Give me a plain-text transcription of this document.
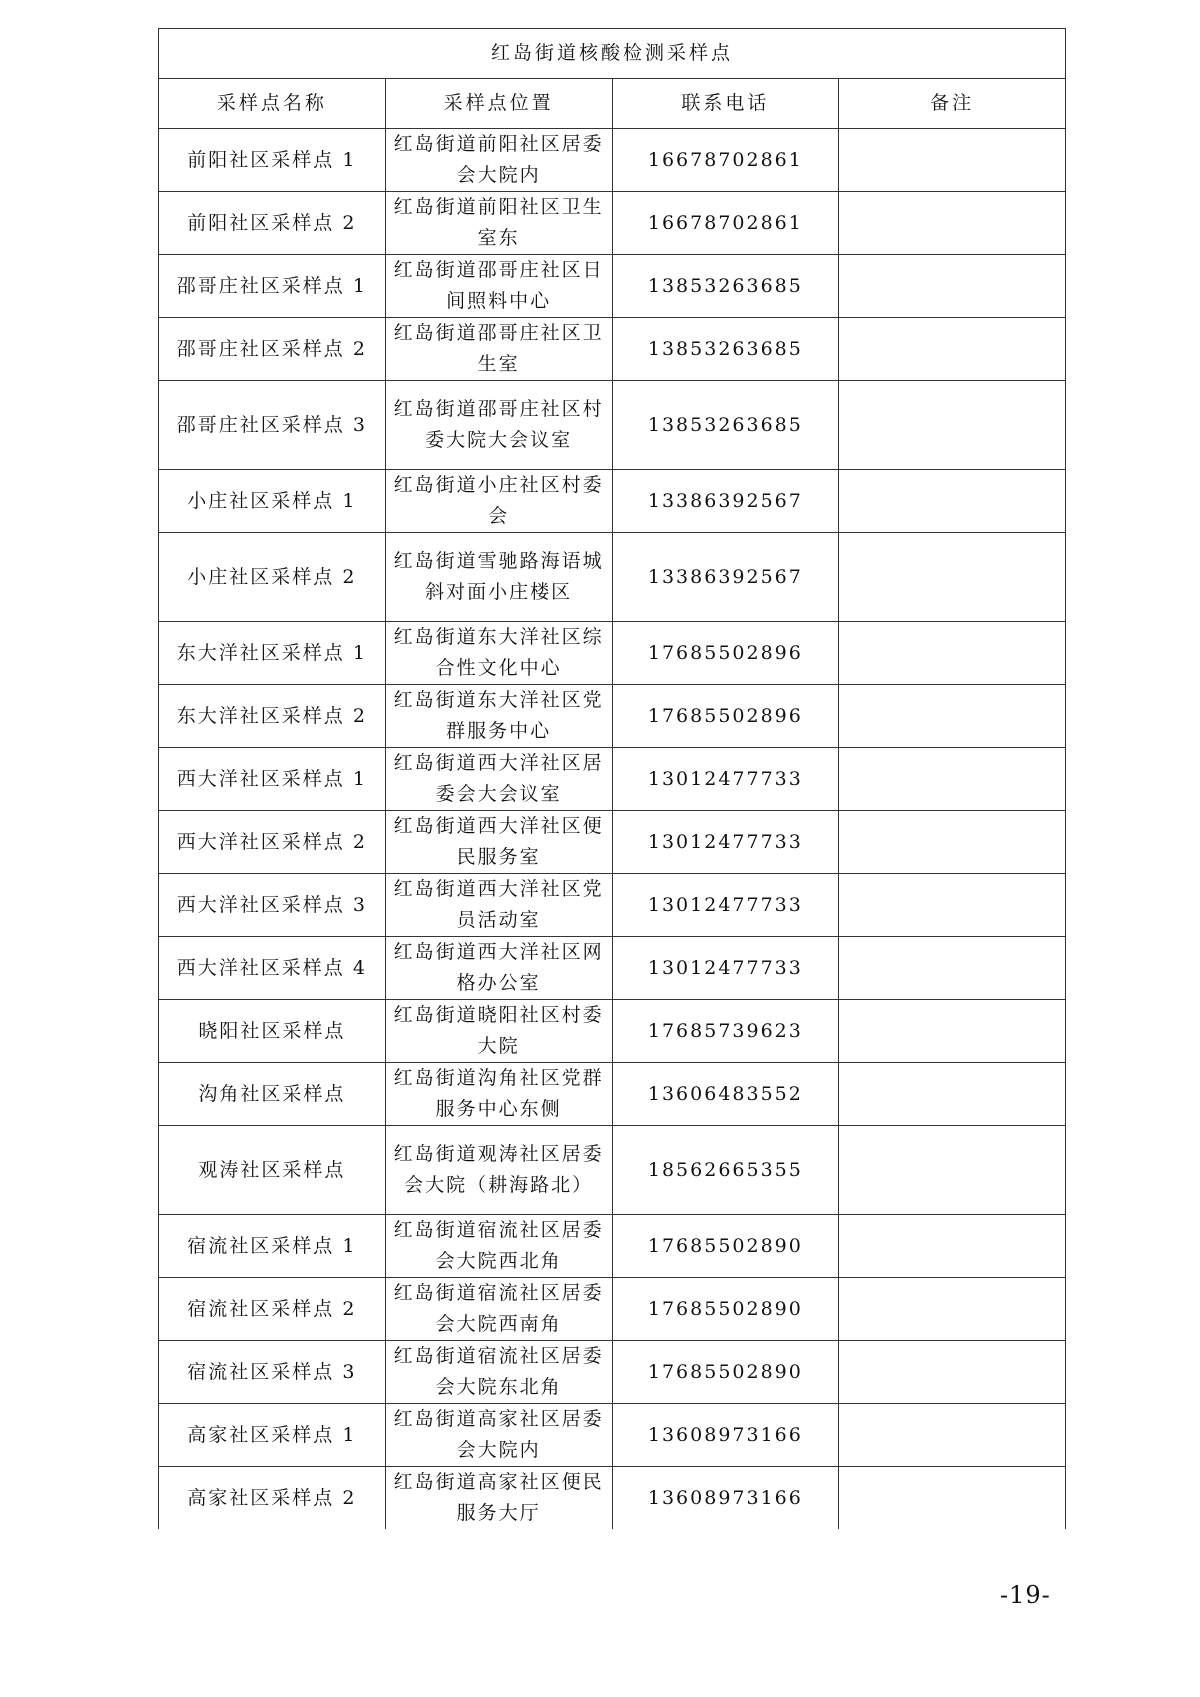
红岛街道核酸检测采样点			
采样点名称	采样点位置	联系电话	备注
前阳社区采样点 1	红岛街道前阳社区居委会大院内	16678702861	
前阳社区采样点 2	红岛街道前阳社区卫生室东	16678702861	
邵哥庄社区采样点 1	红岛街道邵哥庄社区日间照料中心	13853263685	
邵哥庄社区采样点 2	红岛街道邵哥庄社区卫生室	13853263685	
邵哥庄社区采样点 3	红岛街道邵哥庄社区村委大院大会议室	13853263685	
小庄社区采样点 1	红岛街道小庄社区村委会	13386392567	
小庄社区采样点 2	红岛街道雪驰路海语城斜对面小庄楼区	13386392567	
东大洋社区采样点 1	红岛街道东大洋社区综合性文化中心	17685502896	
东大洋社区采样点 2	红岛街道东大洋社区党群服务中心	17685502896	
西大洋社区采样点 1	红岛街道西大洋社区居委会大会议室	13012477733	
西大洋社区采样点 2	红岛街道西大洋社区便民服务室	13012477733	
西大洋社区采样点 3	红岛街道西大洋社区党员活动室	13012477733	
西大洋社区采样点 4	红岛街道西大洋社区网格办公室	13012477733	
晓阳社区采样点	红岛街道晓阳社区村委大院	17685739623	
沟角社区采样点	红岛街道沟角社区党群服务中心东侧	13606483552	
观涛社区采样点	红岛街道观涛社区居委会大院（耕海路北）	18562665355	
宿流社区采样点 1	红岛街道宿流社区居委会大院西北角	17685502890	
宿流社区采样点 2	红岛街道宿流社区居委会大院西南角	17685502890	
宿流社区采样点 3	红岛街道宿流社区居委会大院东北角	17685502890	
高家社区采样点 1	红岛街道高家社区居委会大院内	13608973166	
高家社区采样点 2	红岛街道高家社区便民服务大厅	13608973166	
-19-
